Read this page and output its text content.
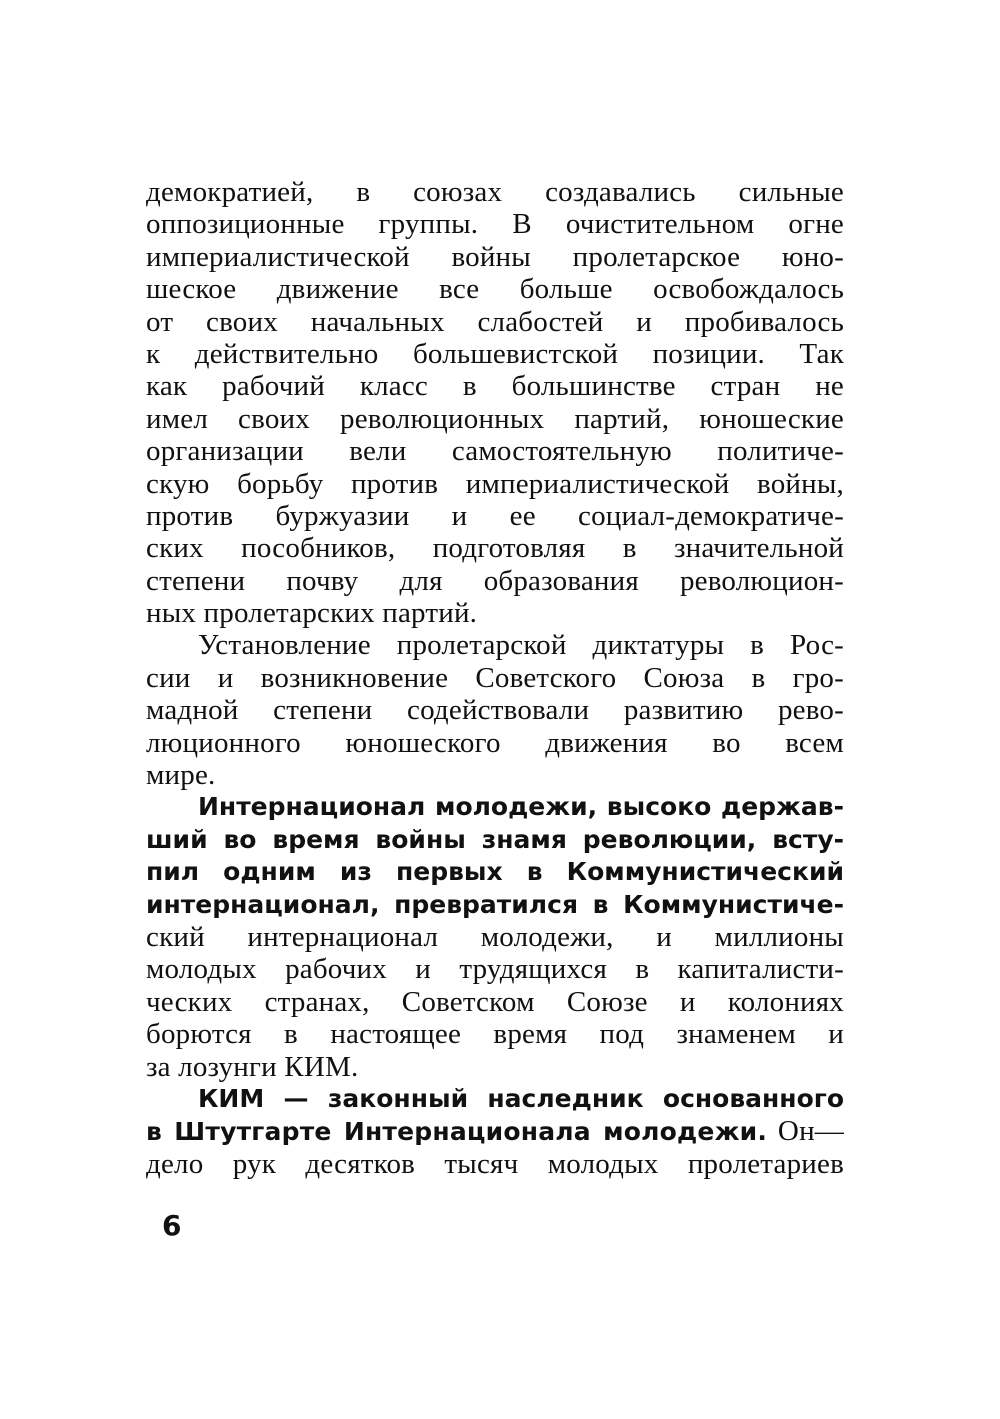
демократией, в союзах создавались сильные
оппозиционные группы. В очистительном огне
империалистической войны пролетарское юно-
шеское движение все больше освобождалось
от своих начальных слабостей и пробивалось
к действительно большевистской позиции. Так
как рабочий класс в большинстве стран не
имел своих революционных партий, юношеские
организации вели самостоятельную политиче-
скую борьбу против империалистической войны,
против буржуазии и ее социал-демократиче-
ских пособников, подготовляя в значительной
степени почву для образования революцион-
ных пролетарских партий.
Установление пролетарской диктатуры в Рос-
сии и возникновение Советского Союза в гро-
мадной степени содействовали развитию рево-
люционного юношеского движения во всем
мире.
Интернационал молодежи, высоко держав-
ший во время войны знамя революции, всту-
пил одним из первых в Коммунистический
интернационал, превратился в Коммунистиче-
ский интернационал молодежи, и миллионы
молодых рабочих и трудящихся в капиталисти-
ческих странах, Советском Союзе и колониях
борются в настоящее время под знаменем и
за лозунги КИМ.
КИМ — законный наследник основанного
в Штутгарте Интернационала молодежи. Он—
дело рук десятков тысяч молодых пролетариев
6
